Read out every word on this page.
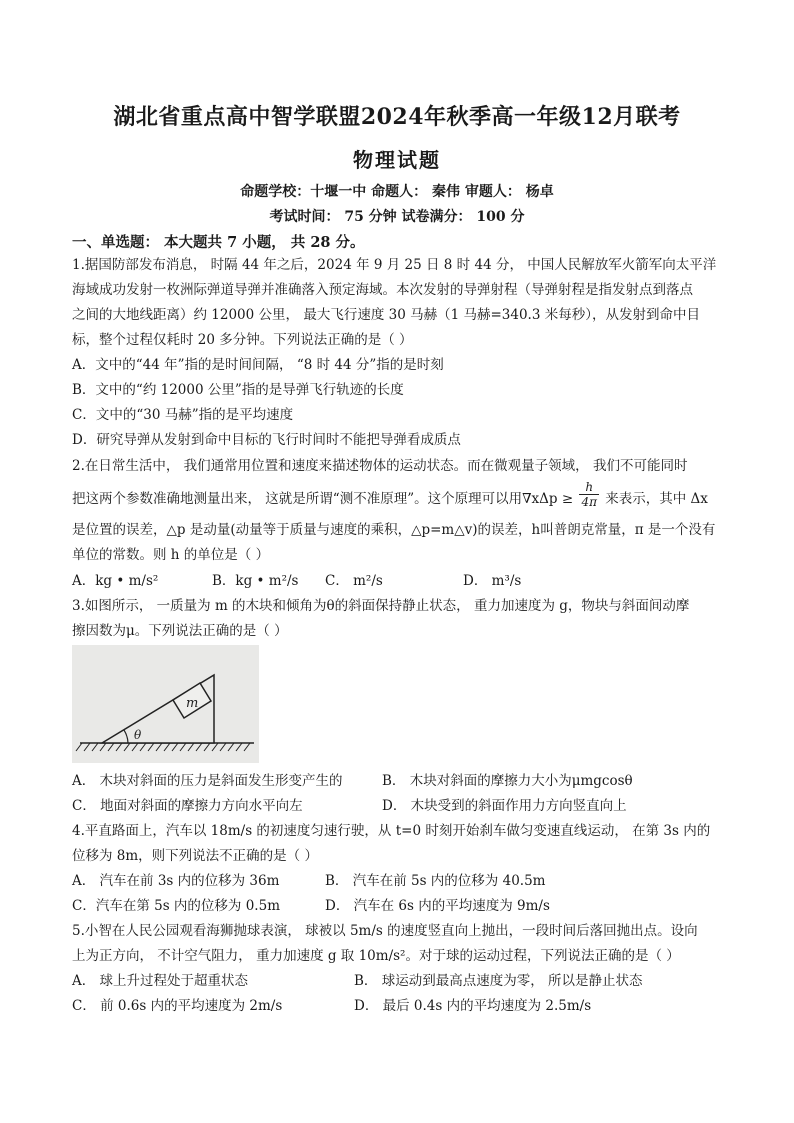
湖北省重点高中智学联盟2024年秋季高一年级12月联考
物理试题
命题学校：十堰一中 命题人： 秦伟 审题人： 杨卓
考试时间： 75 分钟 试卷满分： 100 分
一、单选题： 本大题共 7 小题， 共 28 分。
1.据国防部发布消息， 时隔 44 年之后，2024 年 9 月 25 日 8 时 44 分， 中国人民解放军火箭军向太平洋
海域成功发射一枚洲际弹道导弹并准确落入预定海域。本次发射的导弹射程（导弹射程是指发射点到落点
之间的大地线距离）约 12000 公里， 最大飞行速度 30 马赫（1 马赫=340.3 米每秒），从发射到命中目
标，整个过程仅耗时 20 多分钟。下列说法正确的是（ ）
A．文中的“44 年”指的是时间间隔， “8 时 44 分”指的是时刻
B．文中的“约 12000 公里”指的是导弹飞行轨迹的长度
C．文中的“30 马赫”指的是平均速度
D．研究导弹从发射到命中目标的飞行时间时不能把导弹看成质点
2.在日常生活中， 我们通常用位置和速度来描述物体的运动状态。而在微观量子领域， 我们不可能同时
把这两个参数准确地测量出来， 这就是所谓“测不准原理”。这个原理可以用$\nabla x\Delta p \ge \frac{h}{4\pi}$ 来表示，其中 Δx
是位置的误差，△p 是动量(动量等于质量与速度的乘积，△p=m△v)的误差，h叫普朗克常量，π 是一个没有
单位的常数。则 h 的单位是（ ）
A．kg • m/s²	B．kg • m²/s C． m²/s	D． m³/s
3.如图所示， 一质量为 m 的木块和倾角为θ的斜面保持静止状态， 重力加速度为 g，物块与斜面间动摩
擦因数为μ。下列说法正确的是（ ）
m
θ
A． 木块对斜面的压力是斜面发生形变产生的	B． 木块对斜面的摩擦力大小为μmgcosθ
C． 地面对斜面的摩擦力方向水平向左	D． 木块受到的斜面作用力方向竖直向上
4.平直路面上，汽车以 18m/s 的初速度匀速行驶，从 t=0 时刻开始刹车做匀变速直线运动， 在第 3s 内的
位移为 8m，则下列说法不正确的是（ ）
A． 汽车在前 3s 内的位移为 36m	B． 汽车在前 5s 内的位移为 40.5m
C．汽车在第 5s 内的位移为 0.5m	D． 汽车在 6s 内的平均速度为 9m/s
5.小智在人民公园观看海狮抛球表演， 球被以 5m/s 的速度竖直向上抛出，一段时间后落回抛出点。设向
上为正方向， 不计空气阻力， 重力加速度 g 取 10m/s²。对于球的运动过程，下列说法正确的是（ ）
A． 球上升过程处于超重状态	B． 球运动到最高点速度为零， 所以是静止状态
C． 前 0.6s 内的平均速度为 2m/s	D． 最后 0.4s 内的平均速度为 2.5m/s
